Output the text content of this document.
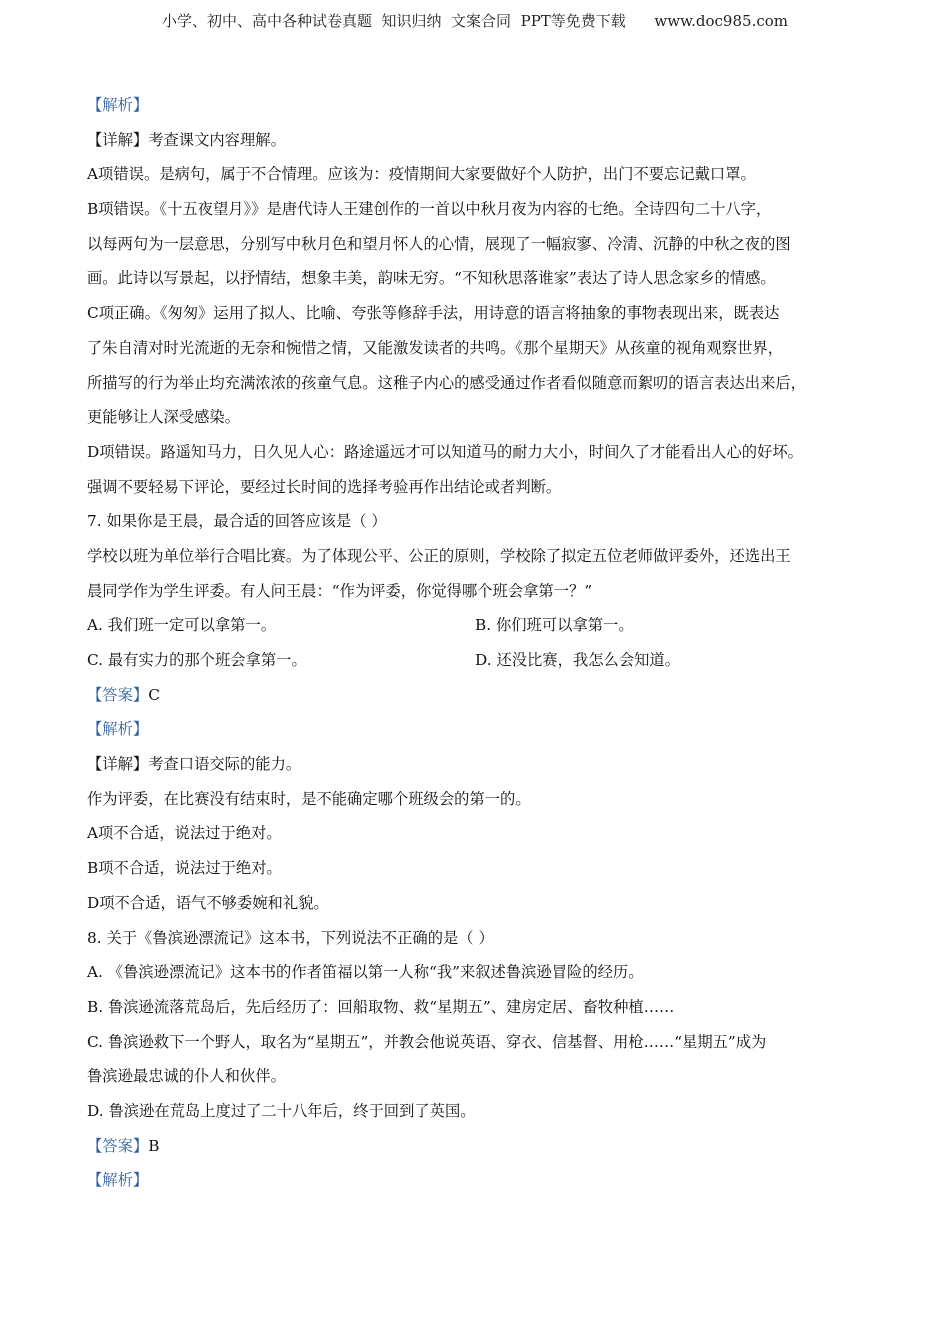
小学、初中、高中各种试卷真题  知识归纳  文案合同  PPT等免费下载      www.doc985.com
【解析】
【详解】考查课文内容理解。
A项错误。是病句，属于不合情理。应该为：疫情期间大家要做好个人防护，出门不要忘记戴口罩。
B项错误。《十五夜望月》》是唐代诗人王建创作的一首以中秋月夜为内容的七绝。全诗四句二十八字，
以每两句为一层意思，分别写中秋月色和望月怀人的心情，展现了一幅寂寥、冷清、沉静的中秋之夜的图
画。此诗以写景起，以抒情结，想象丰美，韵味无穷。“不知秋思落谁家”表达了诗人思念家乡的情感。
C项正确。《匆匆》运用了拟人、比喻、夸张等修辞手法，用诗意的语言将抽象的事物表现出来，既表达
了朱自清对时光流逝的无奈和惋惜之情，又能激发读者的共鸣。《那个星期天》从孩童的视角观察世界，
所描写的行为举止均充满浓浓的孩童气息。这稚子内心的感受通过作者看似随意而絮叨的语言表达出来后，
更能够让人深受感染。
D项错误。路遥知马力，日久见人心：路途遥远才可以知道马的耐力大小，时间久了才能看出人心的好坏。
强调不要轻易下评论，要经过长时间的选择考验再作出结论或者判断。
7. 如果你是王晨，最合适的回答应该是（ ）
学校以班为单位举行合唱比赛。为了体现公平、公正的原则，学校除了拟定五位老师做评委外，还选出王
晨同学作为学生评委。有人问王晨：“作为评委，你觉得哪个班会拿第一？”
A. 我们班一定可以拿第一。	B. 你们班可以拿第一。
C. 最有实力的那个班会拿第一。	D. 还没比赛，我怎么会知道。
【答案】C
【解析】
【详解】考查口语交际的能力。
作为评委，在比赛没有结束时，是不能确定哪个班级会的第一的。
A项不合适，说法过于绝对。
B项不合适，说法过于绝对。
D项不合适，语气不够委婉和礼貌。
8. 关于《鲁滨逊漂流记》这本书，下列说法不正确的是（ ）
A. 《鲁滨逊漂流记》这本书的作者笛福以第一人称“我”来叙述鲁滨逊冒险的经历。
B. 鲁滨逊流落荒岛后，先后经历了：回船取物、救“星期五”、建房定居、畜牧种植……
C. 鲁滨逊救下一个野人，取名为“星期五”，并教会他说英语、穿衣、信基督、用枪……“星期五”成为
鲁滨逊最忠诚的仆人和伙伴。
D. 鲁滨逊在荒岛上度过了二十八年后，终于回到了英国。
【答案】B
【解析】
